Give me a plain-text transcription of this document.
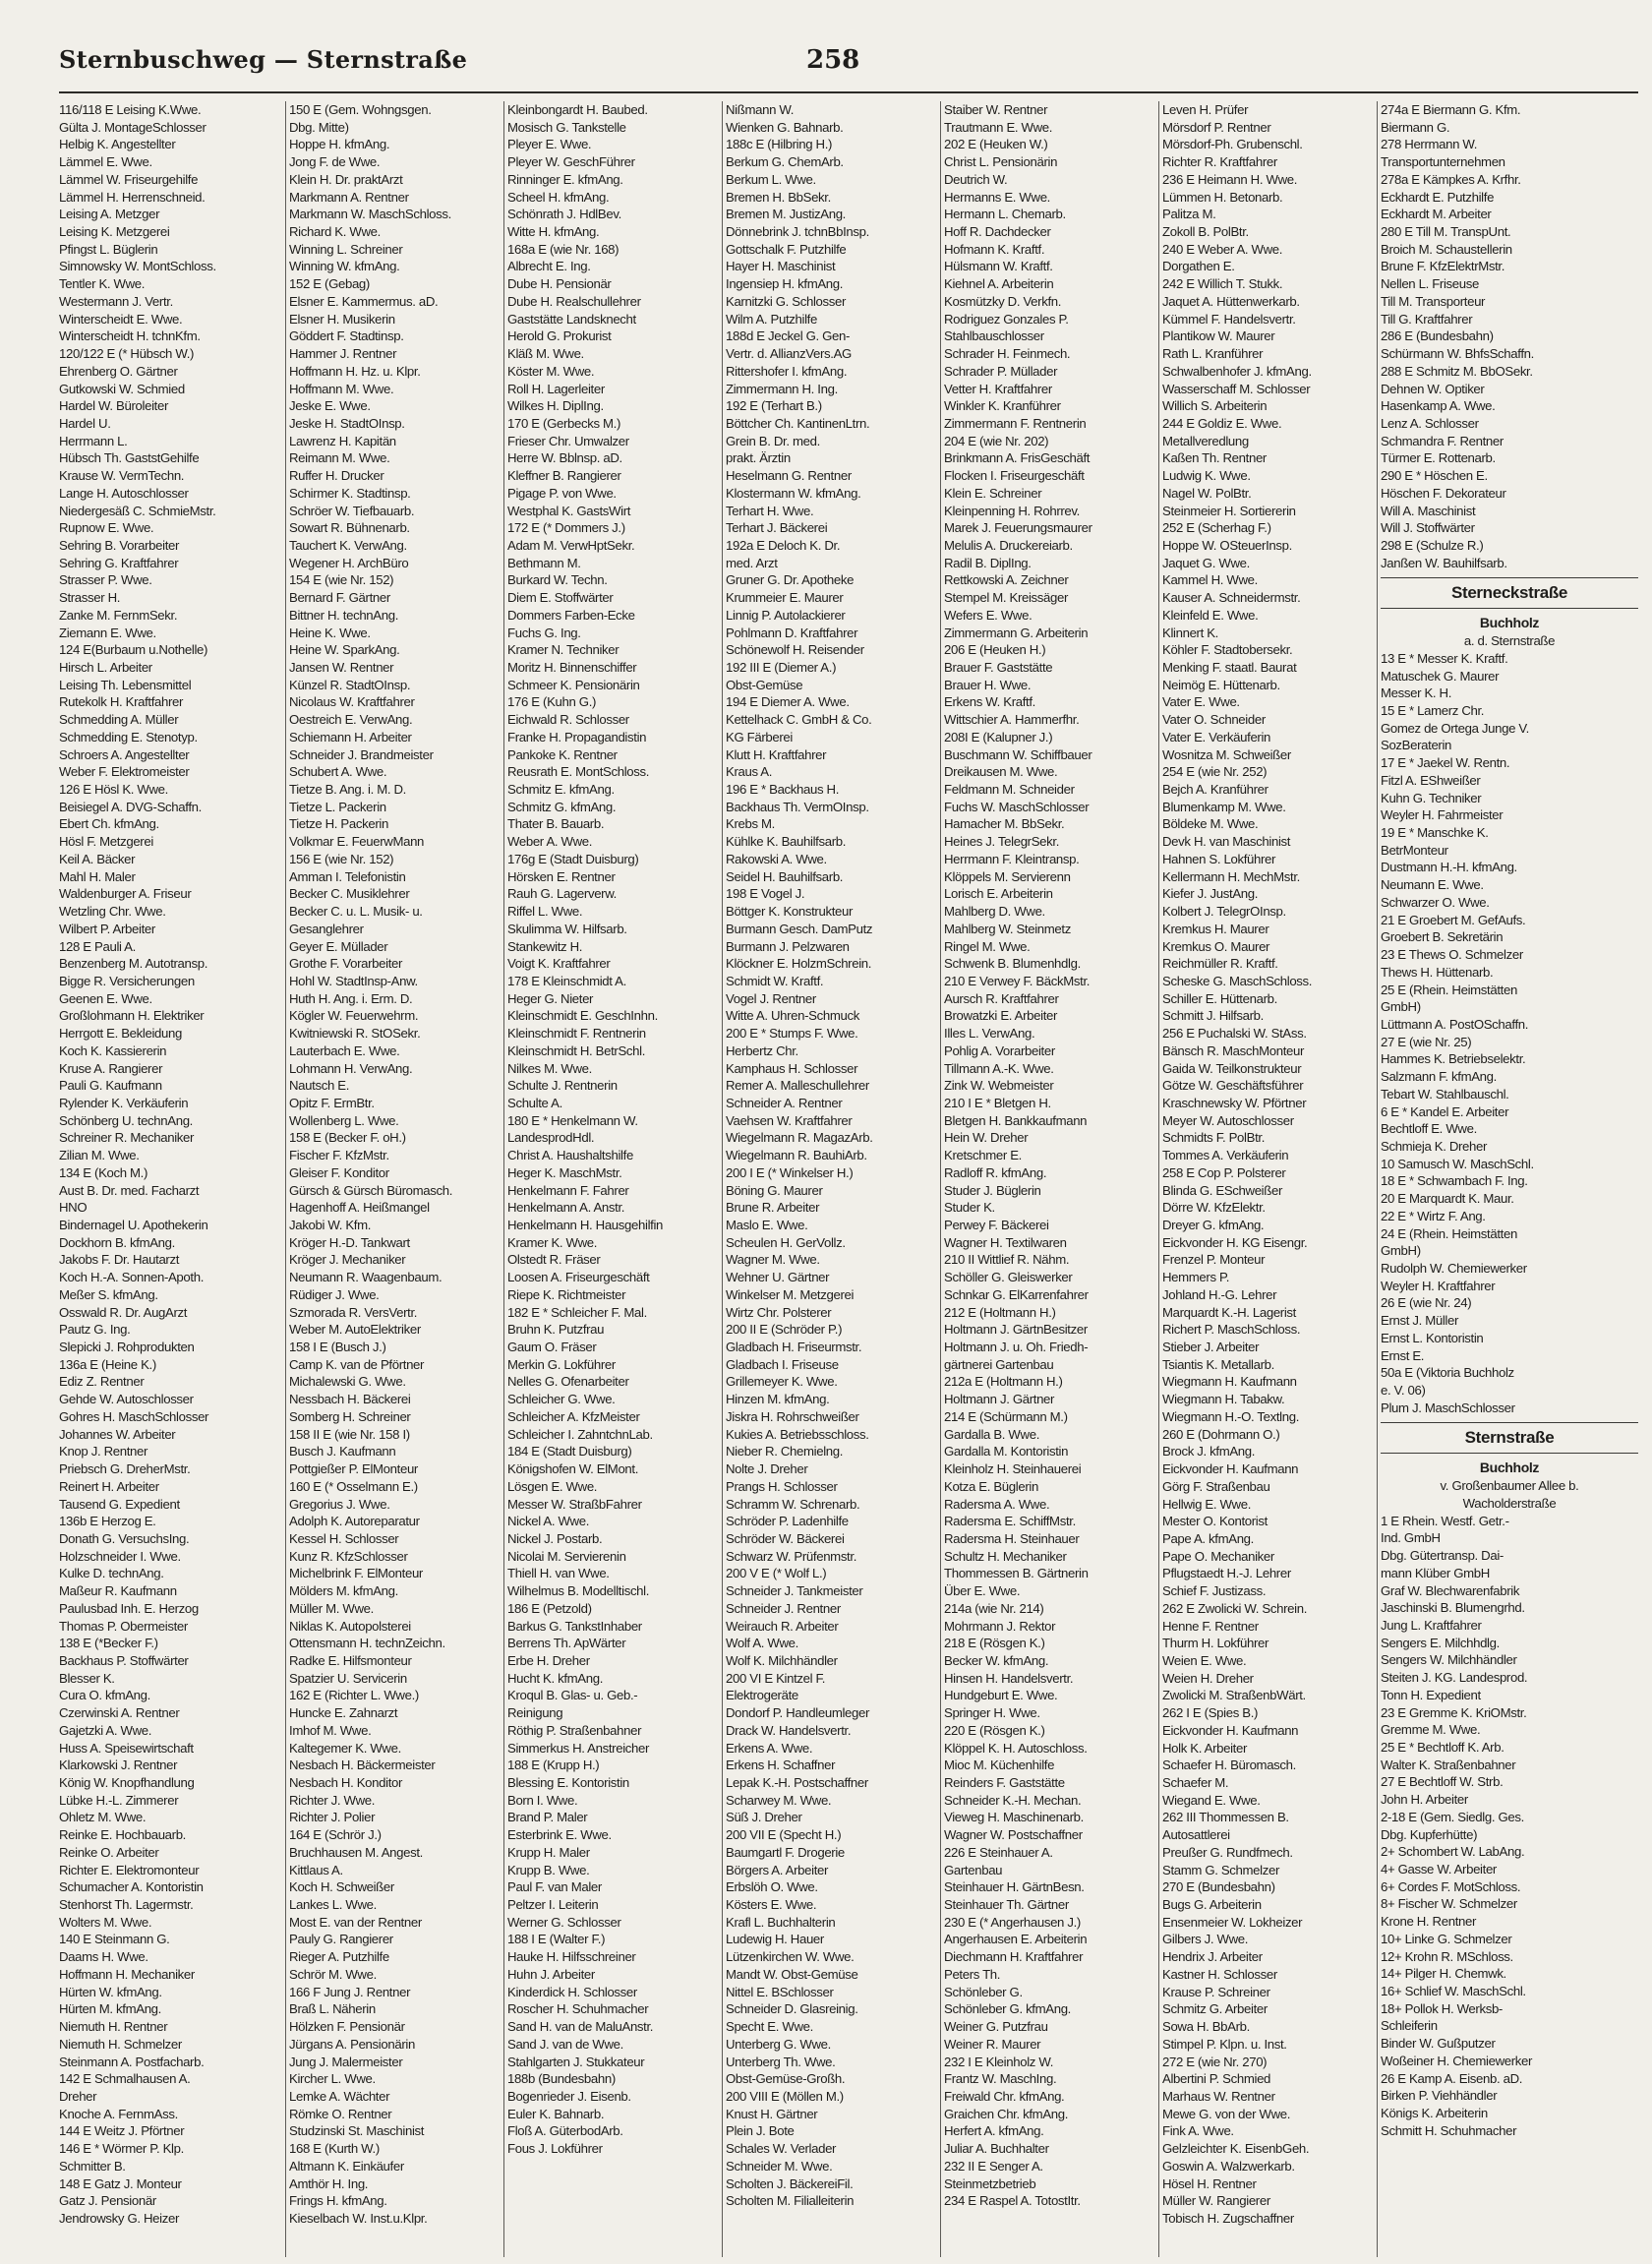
Sternbuschweg — Sternstraße	258
116/118 E Leising K.Wwe.
Gülta J. MontageSchlosser
Helbig K. Angestellter
Lämmel E. Wwe.
Lämmel W. Friseurgehilfe
Lämmel H. Herrenschneid.
Leising A. Metzger
Leising K. Metzgerei
Pfingst L. Büglerin
Simnowsky W. MontSchloss.
Tentler K. Wwe.
Westermann J. Vertr.
Winterscheidt E. Wwe.
Winterscheidt H. tchnKfm.
120/122 E (* Hübsch W.)
Ehrenberg O. Gärtner
Gutkowski W. Schmied
Hardel W. Büroleiter
Hardel U.
Herrmann L.
Hübsch Th. GaststGehilfe
Krause W. VermTechn.
Lange H. Autoschlosser
Niedergesäß C. SchmieMstr.
Rupnow E. Wwe.
Sehring B. Vorarbeiter
Sehring G. Kraftfahrer
Strasser P. Wwe.
Strasser H.
Zanke M. FernmSekr.
Ziemann E. Wwe.
124 E(Burbaum u.Nothelle)
Hirsch L. Arbeiter
Leising Th. Lebensmittel
Rutekolk H. Kraftfahrer
Schmedding A. Müller
Schmedding E. Stenotyp.
Schroers A. Angestellter
Weber F. Elektromeister
126 E Hösl K. Wwe.
Beisiegel A. DVG-Schaffn.
Ebert Ch. kfmAng.
Hösl F. Metzgerei
Keil A. Bäcker
Mahl H. Maler
Waldenburger A. Friseur
Wetzling Chr. Wwe.
Wilbert P. Arbeiter
128 E Pauli A.
Benzenberg M. Autotransp.
Bigge R. Versicherungen
Geenen E. Wwe.
Großlohmann H. Elektriker
Herrgott E. Bekleidung
Koch K. Kassiererin
Kruse A. Rangierer
Pauli G. Kaufmann
Rylender K. Verkäuferin
Schönberg U. technAng.
Schreiner R. Mechaniker
Zilian M. Wwe.
134 E (Koch M.)
Aust B. Dr. med. Facharzt
HNO
Bindernagel U. Apothekerin
Dockhorn B. kfmAng.
Jakobs F. Dr. Hautarzt
Koch H.-A. Sonnen-Apoth.
Meßer S. kfmAng.
Osswald R. Dr. AugArzt
Pautz G. Ing.
Slepicki J. Rohprodukten
136a E (Heine K.)
Ediz Z. Rentner
Gehde W. Autoschlosser
Gohres H. MaschSchlosser
Johannes W. Arbeiter
Knop J. Rentner
Priebsch G. DreherMstr.
Reinert H. Arbeiter
Tausend G. Expedient
136b E Herzog E.
Donath G. VersuchsIng.
Holzschneider I. Wwe.
Kulke D. technAng.
Maßeur R. Kaufmann
Paulusbad Inh. E. Herzog
Thomas P. Obermeister
138 E (*Becker F.)
Backhaus P. Stoffwärter
Blesser K.
Cura O. kfmAng.
Czerwinski A. Rentner
Gajetzki A. Wwe.
Huss A. Speisewirtschaft
Klarkowski J. Rentner
König W. Knopfhandlung
Lübke H.-L. Zimmerer
Ohletz M. Wwe.
Reinke E. Hochbauarb.
Reinke O. Arbeiter
Richter E. Elektromonteur
Schumacher A. Kontoristin
Stenhorst Th. Lagermstr.
Wolters M. Wwe.
140 E Steinmann G.
Daams H. Wwe.
Hoffmann H. Mechaniker
Hürten W. kfmAng.
Hürten M. kfmAng.
Niemuth H. Rentner
Niemuth H. Schmelzer
Steinmann A. Postfacharb.
142 E Schmalhausen A.
Dreher
Knoche A. FernmAss.
144 E Weitz J. Pförtner
146 E * Wörmer P. Klp.
Schmitter B.
148 E Gatz J. Monteur
Gatz J. Pensionär
Jendrowsky G. Heizer
150 E (Gem. Wohngsgen.
Dbg. Mitte)
Hoppe H. kfmAng.
Jong F. de Wwe.
Klein H. Dr. praktArzt
Markmann A. Rentner
Markmann W. MaschSchloss.
Richard K. Wwe.
Winning L. Schreiner
Winning W. kfmAng.
152 E (Gebag)
Elsner E. Kammermus. aD.
Elsner H. Musikerin
Göddert F. Stadtinsp.
Hammer J. Rentner
Hoffmann H. Hz. u. Klpr.
Hoffmann M. Wwe.
Jeske E. Wwe.
Jeske H. StadtOInsp.
Lawrenz H. Kapitän
Reimann M. Wwe.
Ruffer H. Drucker
Schirmer K. Stadtinsp.
Schröer W. Tiefbauarb.
Sowart R. Bühnenarb.
Tauchert K. VerwAng.
Wegener H. ArchBüro
154 E (wie Nr. 152)
Bernard F. Gärtner
Bittner H. technAng.
Heine K. Wwe.
Heine W. SparkAng.
Jansen W. Rentner
Künzel R. StadtOInsp.
Nicolaus W. Kraftfahrer
Oestreich E. VerwAng.
Schiemann H. Arbeiter
Schneider J. Brandmeister
Schubert A. Wwe.
Tietze B. Ang. i. M. D.
Tietze L. Packerin
Tietze H. Packerin
Volkmar E. FeuerwMann
156 E (wie Nr. 152)
Amman I. Telefonistin
Becker C. Musiklehrer
Becker C. u. L. Musik- u.
Gesanglehrer
Geyer E. Müllader
Grothe F. Vorarbeiter
Hohl W. StadtInsp-Anw.
Huth H. Ang. i. Erm. D.
Kögler W. Feuerwehrm.
Kwitniewski R. StOSekr.
Lauterbach E. Wwe.
Lohmann H. VerwAng.
Nautsch E.
Opitz F. ErmBtr.
Wollenberg L. Wwe.
158 E (Becker F. oH.)
Fischer F. KfzMstr.
Gleiser F. Konditor
Gürsch & Gürsch Büromasch.
Hagenhoff A. Heißmangel
Jakobi W. Kfm.
Kröger H.-D. Tankwart
Kröger J. Mechaniker
Neumann R. Waagenbaum.
Rüdiger J. Wwe.
Szmorada R. VersVertr.
Weber M. AutoElektriker
158 I E (Busch J.)
Camp K. van de Pförtner
Michalewski G. Wwe.
Nessbach H. Bäckerei
Somberg H. Schreiner
158 II E (wie Nr. 158 I)
Busch J. Kaufmann
Pottgießer P. ElMonteur
160 E (* Osselmann E.)
Gregorius J. Wwe.
Adolph K. Autoreparatur
Kessel H. Schlosser
Kunz R. KfzSchlosser
Michelbrink F. ElMonteur
Mölders M. kfmAng.
Müller M. Wwe.
Niklas K. Autopolsterei
Ottensmann H. technZeichn.
Radke E. Hilfsmonteur
Spatzier U. Servicerin
162 E (Richter L. Wwe.)
Huncke E. Zahnarzt
Imhof M. Wwe.
Kaltegemer K. Wwe.
Nesbach H. Bäckermeister
Nesbach H. Konditor
Richter J. Wwe.
Richter J. Polier
164 E (Schrör J.)
Bruchhausen M. Angest.
Kittlaus A.
Koch H. Schweißer
Lankes L. Wwe.
Most E. van der Rentner
Pauly G. Rangierer
Rieger A. Putzhilfe
Schrör M. Wwe.
166 F Jung J. Rentner
Braß L. Näherin
Hölzken F. Pensionär
Jürgans A. Pensionärin
Jung J. Malermeister
Kircher L. Wwe.
Lemke A. Wächter
Römke O. Rentner
Studzinski St. Maschinist
168 E (Kurth W.)
Altmann K. Einkäufer
Amthör H. Ing.
Frings H. kfmAng.
Kieselbach W. Inst.u.Klpr.
Kleinbongardt H. Baubed.
Mosisch G. Tankstelle
Pleyer E. Wwe.
Pleyer W. GeschFührer
Rinninger E. kfmAng.
Scheel H. kfmAng.
Schönrath J. HdlBev.
Witte H. kfmAng.
168a E (wie Nr. 168)
Albrecht E. Ing.
Dube H. Pensionär
Dube H. Realschullehrer
Gaststätte Landsknecht
Herold G. Prokurist
Kläß M. Wwe.
Köster M. Wwe.
Roll H. Lagerleiter
Wilkes H. DiplIng.
170 E (Gerbecks M.)
Frieser Chr. Umwalzer
Herre W. Bblnsp. aD.
Kleffner B. Rangierer
Pigage P. von Wwe.
Westphal K. GastsWirt
172 E (* Dommers J.)
Adam M. VerwHptSekr.
Bethmann M.
Burkard W. Techn.
Diem E. Stoffwärter
Dommers Farben-Ecke
Fuchs G. Ing.
Kramer N. Techniker
Moritz H. Binnenschiffer
Schmeer K. Pensionärin
176 E (Kuhn G.)
Eichwald R. Schlosser
Franke H. Propagandistin
Pankoke K. Rentner
Reusrath E. MontSchloss.
Schmitz E. kfmAng.
Schmitz G. kfmAng.
Thater B. Bauarb.
Weber A. Wwe.
176g E (Stadt Duisburg)
Hörsken E. Rentner
Rauh G. Lagerverw.
Riffel L. Wwe.
Skulimma W. Hilfsarb.
Stankewitz H.
Voigt K. Kraftfahrer
178 E Kleinschmidt A.
Heger G. Nieter
Kleinschmidt E. GeschInhn.
Kleinschmidt F. Rentnerin
Kleinschmidt H. BetrSchl.
Nilkes M. Wwe.
Schulte J. Rentnerin
Schulte A.
180 E * Henkelmann W.
LandesprodHdl.
Christ A. Haushaltshilfe
Heger K. MaschMstr.
Henkelmann F. Fahrer
Henkelmann A. Anstr.
Henkelmann H. Hausgehilfin
Kramer K. Wwe.
Olstedt R. Fräser
Loosen A. Friseurgeschäft
Riepe K. Richtmeister
182 E * Schleicher F. Mal.
Bruhn K. Putzfrau
Gaum O. Fräser
Merkin G. Lokführer
Nelles G. Ofenarbeiter
Schleicher G. Wwe.
Schleicher A. KfzMeister
Schleicher I. ZahntchnLab.
184 E (Stadt Duisburg)
Königshofen W. ElMont.
Lösgen E. Wwe.
Messer W. StraßbFahrer
Nickel A. Wwe.
Nickel J. Postarb.
Nicolai M. Servierenin
Thiell H. van Wwe.
Wilhelmus B. Modelltischl.
186 E (Petzold)
Barkus G. TankstInhaber
Berrens Th. ApWärter
Erbe H. Dreher
Hucht K. kfmAng.
Kroqul B. Glas- u. Geb.-
Reinigung
Röthig P. Straßenbahner
Simmerkus H. Anstreicher
188 E (Krupp H.)
Blessing E. Kontoristin
Born I. Wwe.
Brand P. Maler
Esterbrink E. Wwe.
Krupp H. Maler
Krupp B. Wwe.
Paul F. van Maler
Peltzer I. Leiterin
Werner G. Schlosser
188 I E (Walter F.)
Hauke H. Hilfsschreiner
Huhn J. Arbeiter
Kinderdick H. Schlosser
Roscher H. Schuhmacher
Sand H. van de MaluAnstr.
Sand J. van de Wwe.
Stahlgarten J. Stukkateur
188b (Bundesbahn)
Bogenrieder J. Eisenb.
Euler K. Bahnarb.
Floß A. GüterbodArb.
Fous J. Lokführer
Nißmann W.
Wienken G. Bahnarb.
188c E (Hilbring H.)
Berkum G. ChemArb.
Berkum L. Wwe.
Bremen H. BbSekr.
Bremen M. JustizAng.
Dönnebrink J. tchnBbInsp.
Gottschalk F. Putzhilfe
Hayer H. Maschinist
Ingensiep H. kfmAng.
Karnitzki G. Schlosser
Wilm A. Putzhilfe
188d E Jeckel G. Gen-
Vertr. d. AllianzVers.AG
Rittershofer I. kfmAng.
Zimmermann H. Ing.
192 E (Terhart B.)
Böttcher Ch. KantinenLtrn.
Grein B. Dr. med.
prakt. Ärztin
Heselmann G. Rentner
Klostermann W. kfmAng.
Terhart H. Wwe.
Terhart J. Bäckerei
192a E Deloch K. Dr.
med. Arzt
Gruner G. Dr. Apotheke
Krummeier E. Maurer
Linnig P. Autolackierer
Pohlmann D. Kraftfahrer
Schönewolf H. Reisender
192 III E (Diemer A.)
Obst-Gemüse
194 E Diemer A. Wwe.
Kettelhack C. GmbH & Co.
KG Färberei
Klutt H. Kraftfahrer
Kraus A.
196 E * Backhaus H.
Backhaus Th. VermOInsp.
Krebs M.
Kühlke K. Bauhilfsarb.
Rakowski A. Wwe.
Seidel H. Bauhilfsarb.
198 E Vogel J.
Böttger K. Konstrukteur
Burmann Gesch. DamPutz
Burmann J. Pelzwaren
Klöckner E. HolzmSchrein.
Schmidt W. Kraftf.
Vogel J. Rentner
Witte A. Uhren-Schmuck
200 E * Stumps F. Wwe.
Herbertz Chr.
Kamphaus H. Schlosser
Remer A. Malleschullehrer
Schneider A. Rentner
Vaehsen W. Kraftfahrer
Wiegelmann R. MagazArb.
Wiegelmann R. BauhiArb.
200 I E (* Winkelser H.)
Böning G. Maurer
Brune R. Arbeiter
Maslo E. Wwe.
Scheulen H. GerVollz.
Wagner M. Wwe.
Wehner U. Gärtner
Winkelser M. Metzgerei
Wirtz Chr. Polsterer
200 II E (Schröder P.)
Gladbach H. Friseurmstr.
Gladbach I. Friseuse
Grillemeyer K. Wwe.
Hinzen M. kfmAng.
Jiskra H. Rohrschweißer
Kukies A. Betriebsschloss.
Nieber R. Chemielng.
Nolte J. Dreher
Prangs H. Schlosser
Schramm W. Schrenarb.
Schröder P. Ladenhilfe
Schröder W. Bäckerei
Schwarz W. Prüfenmstr.
200 V E (* Wolf L.)
Schneider J. Tankmeister
Schneider J. Rentner
Weirauch R. Arbeiter
Wolf A. Wwe.
Wolf K. Milchhändler
200 VI E Kintzel F.
Elektrogeräte
Dondorf P. Handleumleger
Drack W. Handelsvertr.
Erkens A. Wwe.
Erkens H. Schaffner
Lepak K.-H. Postschaffner
Scharwey M. Wwe.
Süß J. Dreher
200 VII E (Specht H.)
Baumgartl F. Drogerie
Börgers A. Arbeiter
Erbslöh O. Wwe.
Kösters E. Wwe.
Krafl L. Buchhalterin
Ludewig H. Hauer
Lützenkirchen W. Wwe.
Mandt W. Obst-Gemüse
Nittel E. BSchlosser
Schneider D. Glasreinig.
Specht E. Wwe.
Unterberg G. Wwe.
Unterberg Th. Wwe.
Obst-Gemüse-Großh.
200 VIII E (Möllen M.)
Knust H. Gärtner
Plein J. Bote
Schales W. Verlader
Schneider M. Wwe.
Scholten J. BäckereiFil.
Scholten M. Filialleiterin
Staiber W. Rentner
Trautmann E. Wwe.
202 E (Heuken W.)
Christ L. Pensionärin
Deutrich W.
Hermanns E. Wwe.
Hermann L. Chemarb.
Hoff R. Dachdecker
Hofmann K. Kraftf.
Hülsmann W. Kraftf.
Kiehnel A. Arbeiterin
Kosmützky D. Verkfn.
Rodriguez Gonzales P.
Stahlbauschlosser
Schrader H. Feinmech.
Schrader P. Müllader
Vetter H. Kraftfahrer
Winkler K. Kranführer
Zimmermann F. Rentnerin
204 E (wie Nr. 202)
Brinkmann A. FrisGeschäft
Flocken I. Friseurgeschäft
Klein E. Schreiner
Kleinpenning H. Rohrrev.
Marek J. Feuerungsmaurer
Melulis A. Druckereiarb.
Radil B. DiplIng.
Rettkowski A. Zeichner
Stempel M. Kreissäger
Wefers E. Wwe.
Zimmermann G. Arbeiterin
206 E (Heuken H.)
Brauer F. Gaststätte
Brauer H. Wwe.
Erkens W. Kraftf.
Wittschier A. Hammerfhr.
208I E (Kalupner J.)
Buschmann W. Schiffbauer
Dreikausen M. Wwe.
Feldmann M. Schneider
Fuchs W. MaschSchlosser
Hamacher M. BbSekr.
Heines J. TelegrSekr.
Herrmann F. Kleintransp.
Klöppels M. Servierenn
Lorisch E. Arbeiterin
Mahlberg D. Wwe.
Mahlberg W. Steinmetz
Ringel M. Wwe.
Schwenk B. Blumenhdlg.
210 E Verwey F. BäckMstr.
Aursch R. Kraftfahrer
Browatzki E. Arbeiter
Illes L. VerwAng.
Pohlig A. Vorarbeiter
Tillmann A.-K. Wwe.
Zink W. Webmeister
210 I E * Bletgen H.
Bletgen H. Bankkaufmann
Hein W. Dreher
Kretschmer E.
Radloff R. kfmAng.
Studer J. Büglerin
Studer K.
Perwey F. Bäckerei
Wagner H. Textilwaren
210 II Wittlief R. Nähm.
Schöller G. Gleiswerker
Schnkar G. ElKarrenfahrer
212 E (Holtmann H.)
Holtmann J. GärtnBesitzer
Holtmann J. u. Oh. Friedh-
gärtnerei Gartenbau
212a E (Holtmann H.)
Holtmann J. Gärtner
214 E (Schürmann M.)
Gardalla B. Wwe.
Gardalla M. Kontoristin
Kleinholz H. Steinhauerei
Kotza E. Büglerin
Radersma A. Wwe.
Radersma E. SchiffMstr.
Radersma H. Steinhauer
Schultz H. Mechaniker
Thommessen B. Gärtnerin
Über E. Wwe.
214a (wie Nr. 214)
Mohrmann J. Rektor
218 E (Rösgen K.)
Becker W. kfmAng.
Hinsen H. Handelsvertr.
Hundgeburt E. Wwe.
Springer H. Wwe.
220 E (Rösgen K.)
Klöppel K. H. Autoschloss.
Mioc M. Küchenhilfe
Reinders F. Gaststätte
Schneider K.-H. Mechan.
Vieweg H. Maschinenarb.
Wagner W. Postschaffner
226 E Steinhauer A.
Gartenbau
Steinhauer H. GärtnBesn.
Steinhauer Th. Gärtner
230 E (* Angerhausen J.)
Angerhausen E. Arbeiterin
Diechmann H. Kraftfahrer
Peters Th.
Schönleber G.
Schönleber G. kfmAng.
Weiner G. Putzfrau
Weiner R. Maurer
232 I E Kleinholz W.
Frantz W. MaschIng.
Freiwald Chr. kfmAng.
Graichen Chr. kfmAng.
Herfert A. kfmAng.
Juliar A. Buchhalter
232 II E Senger A.
Steinmetzbetrieb
234 E Raspel A. TotostItr.
Leven H. Prüfer
Mörsdorf P. Rentner
Mörsdorf-Ph. Grubenschl.
Richter R. Kraftfahrer
236 E Heimann H. Wwe.
Lümmen H. Betonarb.
Palitza M.
Zokoll B. PolBtr.
240 E Weber A. Wwe.
Dorgathen E.
242 E Willich T. Stukk.
Jaquet A. Hüttenwerkarb.
Kümmel F. Handelsvertr.
Plantikow W. Maurer
Rath L. Kranführer
Schwalbenhofer J. kfmAng.
Wasserschaff M. Schlosser
Willich S. Arbeiterin
244 E Goldiz E. Wwe.
Metallveredlung
Kaßen Th. Rentner
Ludwig K. Wwe.
Nagel W. PolBtr.
Steinmeier H. Sortiererin
252 E (Scherhag F.)
Hoppe W. OSteuerInsp.
Jaquet G. Wwe.
Kammel H. Wwe.
Kauser A. Schneidermstr.
Kleinfeld E. Wwe.
Klinnert K.
Köhler F. Stadtobersekr.
Menking F. staatl. Baurat
Neimög E. Hüttenarb.
Vater E. Wwe.
Vater O. Schneider
Vater E. Verkäuferin
Wosnitza M. Schweißer
254 E (wie Nr. 252)
Bejch A. Kranführer
Blumenkamp M. Wwe.
Böldeke M. Wwe.
Devk H. van Maschinist
Hahnen S. Lokführer
Kellermann H. MechMstr.
Kiefer J. JustAng.
Kolbert J. TelegrOInsp.
Kremkus H. Maurer
Kremkus O. Maurer
Reichmüller R. Kraftf.
Scheske G. MaschSchloss.
Schiller E. Hüttenarb.
Schmitt J. Hilfsarb.
256 E Puchalski W. StAss.
Bänsch R. MaschMonteur
Gaida W. Teilkonstrukteur
Götze W. Geschäftsführer
Kraschnewsky W. Pförtner
Meyer W. Autoschlosser
Schmidts F. PolBtr.
Tommes A. Verkäuferin
258 E Cop P. Polsterer
Blinda G. ESchweißer
Dörre W. KfzElektr.
Dreyer G. kfmAng.
Eickvonder H. KG Eisengr.
Frenzel P. Monteur
Hemmers P.
Johland H.-G. Lehrer
Marquardt K.-H. Lagerist
Richert P. MaschSchloss.
Stieber J. Arbeiter
Tsiantis K. Metallarb.
Wiegmann H. Kaufmann
Wiegmann H. Tabakw.
Wiegmann H.-O. Textlng.
260 E (Dohrmann O.)
Brock J. kfmAng.
Eickvonder H. Kaufmann
Görg F. Straßenbau
Hellwig E. Wwe.
Mester O. Kontorist
Pape A. kfmAng.
Pape O. Mechaniker
Pflugstaedt H.-J. Lehrer
Schief F. Justizass.
262 E Zwolicki W. Schrein.
Henne F. Rentner
Thurm H. Lokführer
Weien E. Wwe.
Weien H. Dreher
Zwolicki M. StraßenbWärt.
262 I E (Spies B.)
Eickvonder H. Kaufmann
Holk K. Arbeiter
Schaefer H. Büromasch.
Schaefer M.
Wiegand E. Wwe.
262 III Thommessen B.
Autosattlerei
Preußer G. Rundfmech.
Stamm G. Schmelzer
270 E (Bundesbahn)
Bugs G. Arbeiterin
Ensenmeier W. Lokheizer
Gilbers J. Wwe.
Hendrix J. Arbeiter
Kastner H. Schlosser
Krause P. Schreiner
Schmitz G. Arbeiter
Sowa H. BbArb.
Stimpel P. Klpn. u. Inst.
272 E (wie Nr. 270)
Albertini P. Schmied
Marhaus W. Rentner
Mewe G. von der Wwe.
Fink A. Wwe.
Gelzleichter K. EisenbGeh.
Goswin A. Walzwerkarb.
Hösel H. Rentner
Müller W. Rangierer
Tobisch H. Zugschaffner
274a E Biermann G. Kfm.
Biermann G.
278 Herrmann W.
Transportunternehmen
278a E Kämpkes A. Krfhr.
Eckhardt E. Putzhilfe
Eckhardt M. Arbeiter
280 E Till M. TranspUnt.
Broich M. Schaustellerin
Brune F. KfzElektrMstr.
Nellen L. Friseuse
Till M. Transporteur
Till G. Kraftfahrer
286 E (Bundesbahn)
Schürmann W. BhfsSchaffn.
288 E Schmitz M. BbOSekr.
Dehnen W. Optiker
Hasenkamp A. Wwe.
Lenz A. Schlosser
Schmandra F. Rentner
Türmer E. Rottenarb.
290 E * Höschen E.
Höschen F. Dekorateur
Will A. Maschinist
Will J. Stoffwärter
298 E (Schulze R.)
Janßen W. Bauhilfsarb.
Sterneckstraße
Buchholz
a. d. Sternstraße
13 E * Messer K. Kraftf.
Matuschek G. Maurer
Messer K. H.
15 E * Lamerz Chr.
Gomez de Ortega Junge V.
SozBeraterin
17 E * Jaekel W. Rentn.
Fitzl A. EShweißer
Kuhn G. Techniker
Weyler H. Fahrmeister
19 E * Manschke K.
BetrMonteur
Dustmann H.-H. kfmAng.
Neumann E. Wwe.
Schwarzer O. Wwe.
21 E Groebert M. GefAufs.
Groebert B. Sekretärin
23 E Thews O. Schmelzer
Thews H. Hüttenarb.
25 E (Rhein. Heimstätten
GmbH)
Lüttmann A. PostOSchaffn.
27 E (wie Nr. 25)
Hammes K. Betriebselektr.
Salzmann F. kfmAng.
Tebart W. Stahlbauschl.
6 E * Kandel E. Arbeiter
Bechtloff E. Wwe.
Schmieja K. Dreher
10 Samusch W. MaschSchl.
18 E * Schwambach F. Ing.
20 E Marquardt K. Maur.
22 E * Wirtz F. Ang.
24 E (Rhein. Heimstätten
GmbH)
Rudolph W. Chemiewerker
Weyler H. Kraftfahrer
26 E (wie Nr. 24)
Ernst J. Müller
Ernst L. Kontoristin
Ernst E.
50a E (Viktoria Buchholz
e. V. 06)
Plum J. MaschSchlosser
Sternstraße
Buchholz
v. Großenbaumer Allee b.
Wacholderstraße
1 E Rhein. Westf. Getr.-
Ind. GmbH
Dbg. Gütertransp. Dai-
mann Klüber GmbH
Graf W. Blechwarenfabrik
Jaschinski B. Blumengrhd.
Jung L. Kraftfahrer
Sengers E. Milchhdlg.
Sengers W. Milchhändler
Steiten J. KG. Landesprod.
Tonn H. Expedient
23 E Gremme K. KriOMstr.
Gremme M. Wwe.
25 E * Bechtloff K. Arb.
Walter K. Straßenbahner
27 E Bechtloff W. Strb.
John H. Arbeiter
2-18 E (Gem. Siedlg. Ges.
Dbg. Kupferhütte)
2+ Schombert W. LabAng.
4+ Gasse W. Arbeiter
6+ Cordes F. MotSchloss.
8+ Fischer W. Schmelzer
Krone H. Rentner
10+ Linke G. Schmelzer
12+ Krohn R. MSchloss.
14+ Pilger H. Chemwk.
16+ Schlief W. MaschSchl.
18+ Pollok H. Werksb-
Schleiferin
Binder W. Gußputzer
Woßeiner H. Chemiewerker
26 E Kamp A. Eisenb. aD.
Birken P. Viehhändler
Königs K. Arbeiterin
Schmitt H. Schuhmacher
